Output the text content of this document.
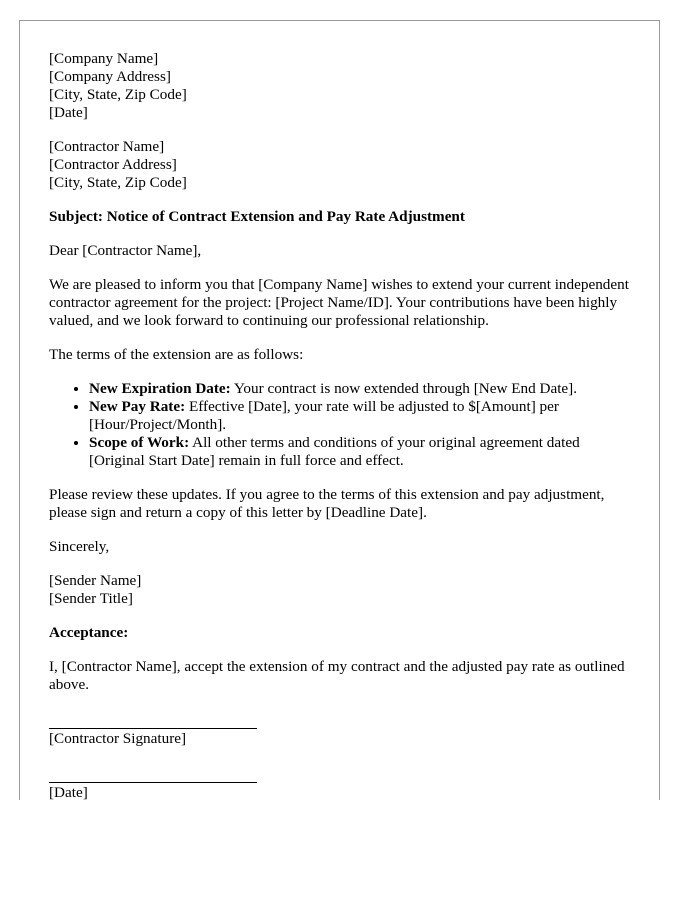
[Company Name]
[Company Address]
[City, State, Zip Code]
[Date]
[Contractor Name]
[Contractor Address]
[City, State, Zip Code]

Subject: Notice of Contract Extension and Pay Rate Adjustment

Dear [Contractor Name],

We are pleased to inform you that [Company Name] wishes to extend your current independent contractor agreement for the project: [Project Name/ID]. Your contributions have been highly valued, and we look forward to continuing our professional relationship.

The terms of the extension are as follows:

• New Expiration Date: Your contract is now extended through [New End Date].
• New Pay Rate: Effective [Date], your rate will be adjusted to $[Amount] per [Hour/Project/Month].
• Scope of Work: All other terms and conditions of your original agreement dated [Original Start Date] remain in full force and effect.

Please review these updates. If you agree to the terms of this extension and pay adjustment, please sign and return a copy of this letter by [Deadline Date].

Sincerely,

[Sender Name]
[Sender Title]

Acceptance:

I, [Contractor Name], accept the extension of my contract and the adjusted pay rate as outlined above.

[Contractor Signature]
[Date]
